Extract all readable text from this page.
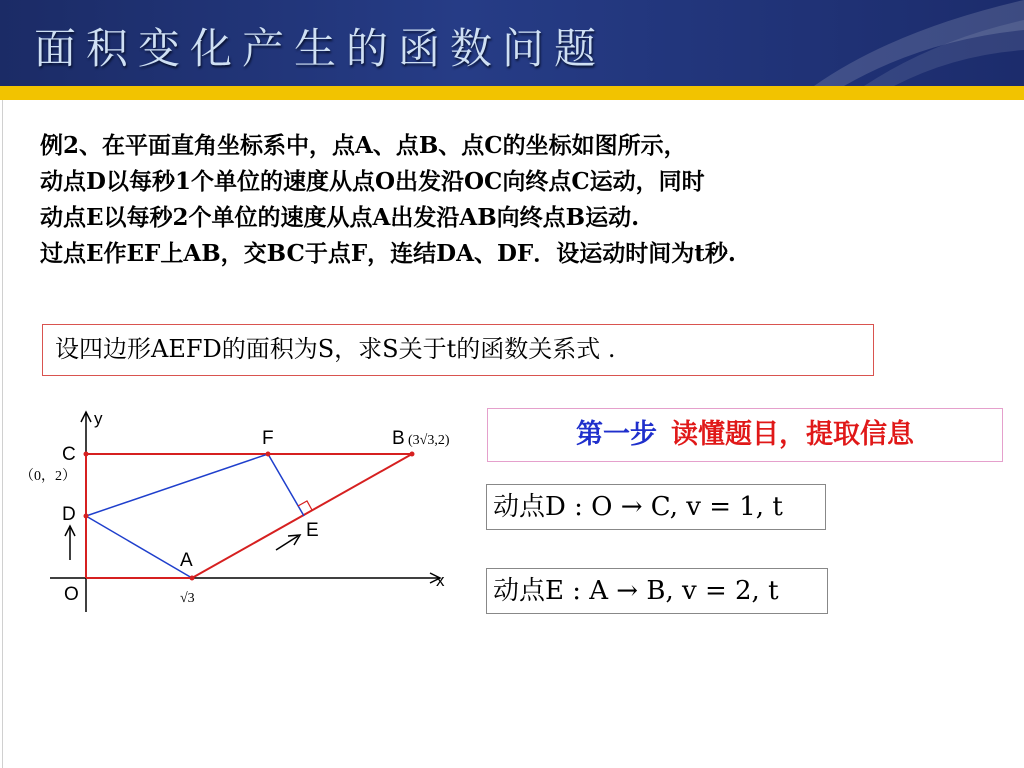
面积变化产生的函数问题
例2、在平面直角坐标系中，点A、点B、点C的坐标如图所示，
动点D以每秒1个单位的速度从点O出发沿OC向终点C运动，同时
动点E以每秒2个单位的速度从点A出发沿AB向终点B运动.
过点E作EF上AB，交BC于点F，连结DA、DF．设运动时间为t秒.
设四边形AEFD的面积为S，求S关于t的函数关系式 .
第一步 读懂题目，提取信息
动点D : O → C, v = 1, t
动点E : A → B, v = 2, t
y
x
O
C
D
A
F	B
E
（0，2）
√3
(3√3,2)
